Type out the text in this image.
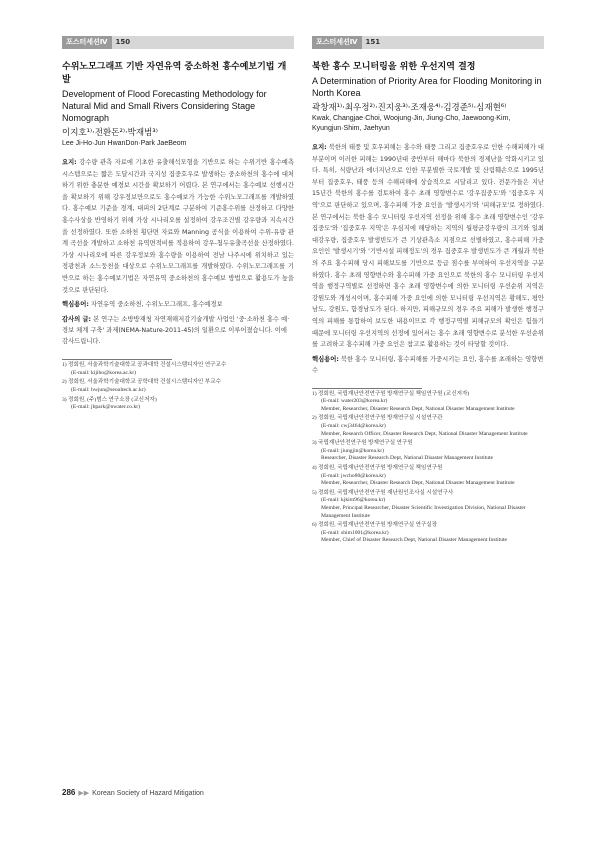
포스터세션Ⅳ 150
수위노모그래프 기반 자연유역 중소하천 홍수예보기법 개발
Development of Flood Forecasting Methodology for Natural Mid and Small Rivers Considering Stage Nomograph
이지호¹⁾·전환돈²⁾·박재범³⁾
Lee Ji-Ho·Jun HwanDon·Park JaeBeom
요지: 강수량 관측 자료에 기초한 유출해석모형을 기반으로 하는 수위기반 홍수예측시스템으로는 짧은 도달시간과 국지성 집중호우로 발생하는 중소하천의 홍수에 대처하기 위한 충분한 예경보 시간을 확보하기 어렵다. 본 연구에서는 홍수예보 선행시간을 확보하기 위해 강우정보만으로도 홍수예보가 가능한 수위노모그래프를 개발하였다. 홍수예보 기준을 경계, 대피의 2단계로 구분하여 기준홍수위를 산정하고 다양한 홍수사상을 반영하기 위해 가상 시나리오를 설정하여 강우조건별 강우량과 지속시간을 선정하였다. 또한 소하천 횡단면 자료와 Manning 공식을 이용하여 수위-유량 관계 곡선을 개발하고 소하천 유역면적비를 적용하여 강우-첨두유출곡선을 산정하였다. 가상 시나리오에 따른 강우정보와 홍수량을 이용하여 전남 나주시에 위치하고 있는 정광천과 소느둥천을 대상으로 수위노모그래프를 개발하였다. 수위노모그래프를 기반으로 하는 홍수예보기법은 자연유역 중소하천의 홍수예보 방법으로 활용도가 높을 것으로 판단된다.
핵심용어: 자연유역 중소하천, 수위노모그래프, 홍수예경보
감사의 글: 본 연구는 소방방재청 자연재해저감기술개발 사업인 '중·소하천 홍수 예·경보 체계 구축' 과제(NEMA-Nature-2011-45)의 일환으로 이루어졌습니다. 이에 감사드립니다.
1) 정회원, 서울과학기술대학교 공과대학 건설시스템디자인 연구교수
(E-mail: kijiho@korea.ac.kr)
2) 정회원, 서울과학기술대학교 공학대학 건설시스템디자인 부교수
(E-mail: hwjun@seoultech.ac.kr)
3) 정회원, (주)범스 연구소장 (교신저자)
(E-mail: jbpark@nwater.co.kr)
포스터세션Ⅳ 151
북한 홍수 모니터링을 위한 우선지역 결정
A Determination of Priority Area for Flooding Monitoring in North Korea
곽창재¹⁾·최우정²⁾·진지웅³⁾·조재웅⁴⁾·김경준⁵⁾·심재현⁶⁾
Kwak, Changjae·Choi, Woojung·Jin, Jiung·Cho, Jaewoong·Kim, Kyungjun·Shim, Jaehyun
요지: 북한의 태풍 및 호우피해는 홍수와 태풍 그리고 집중호우로 인한 수해피해가 대부분이며 이러한 피해는 1990년대 중반부터 해마다 북한의 경제난을 악화시키고 있다. 특히, 식량난과 에너지난으로 인한 무분별한 국토개발 및 산림훼손으로 1995년부터 집중호우, 태풍 등의 수해피해에 상습적으로 시달리고 있다. 전문가들은 지난 15년간 북한의 홍수를 검토하여 홍수 초래 영향변수로 '강우집중도'와 '집중호우 지역'으로 판단하고 있으며, 홍수피해 가중 요인을 '발생시기'와 '피해규모'로 정하였다. 본 연구에서는 북한 홍수 모니터링 우선지역 선정을 위해 홍수 초래 영향변수인 '강우집중도'와 '집중호우 지역'은 우심지에 해당하는 지역의 월평균강우량의 크기와 일최대강우량, 집중호우 발생빈도가 큰 기상관측소 지점으로 선별하였고, 홍수피해 가중요인인 '발생시기'와 '기반시설 피해정도'의 경우 집중호우 발생빈도가 큰 개월과 북한의 주요 홍수피해 당시 피해보도를 기반으로 등급 점수를 부여하여 우선지역을 구분하였다. 홍수 초래 영향변수와 홍수피해 가중 요인으로 북한의 홍수 모니터링 우선지역을 행정구역별로 선정하면 홍수 초래 영향변수에 의한 모니터링 우선순위 지역은 강원도와 개성시이며, 홍수피해 가중 요인에 의한 모니터링 우선지역은 황해도, 평안남도, 강원도, 함경남도가 된다. 하지만, 피해규모의 경우 주요 피해가 발생한 행정구역의 피해를 통합하여 보도한 내용이므로 각 행정구역별 피해규모의 확인은 힘들기 때문에 모니터링 우선지역의 선정에 있어서는 홍수 초래 영향변수로 분석한 우선순위를 고려하고 홍수피해 가중 요인은 참고로 활용하는 것이 타당할 것이다.
핵심용어: 북한 홍수 모니터링, 홍수피해를 가중시키는 요인, 홍수를 초래하는 영향변수
1) 정회원, 국립재난안전연구원 방재연구실 책임연구원 (교신저자)
(E-mail: water203@korea.kr)
Member, Researcher, Disaster Research Dept, National Disaster Management Institute
2) 정회원, 국립재난안전연구원 방재연구실 시설연구관
(E-mail: cwj3464@korea.kr)
Member, Research Officer, Disaster Research Dept, National Disaster Management Institute
3) 국립재난안전연구원 방재연구실 연구원
(E-mail: jiungjin@korea.kr)
Researcher, Disaster Research Dept, National Disaster Management Institute
4) 정회원, 국립재난안전연구원 방재연구실 책임연구원
(E-mail: jwcho80@korea.kr)
Member, Researcher, Disaster Research Dept, National Disaster Management Institute
5) 정회원, 국립재난안전연구원 재난원인조사실 시설연구사
(E-mail: kjkim96@korea.kr)
Member, Principal Researcher, Disaster Scientific Investigation Division, National Disaster Management Institute
6) 정회원, 국립재난안전연구원 방재연구실 연구실장
(E-mail: shim1001@korea.kr)
Member, Chief of Disaster Research Dept, National Disaster Management Institute
286 ▶▶ Korean Society of Hazard Mitigation
